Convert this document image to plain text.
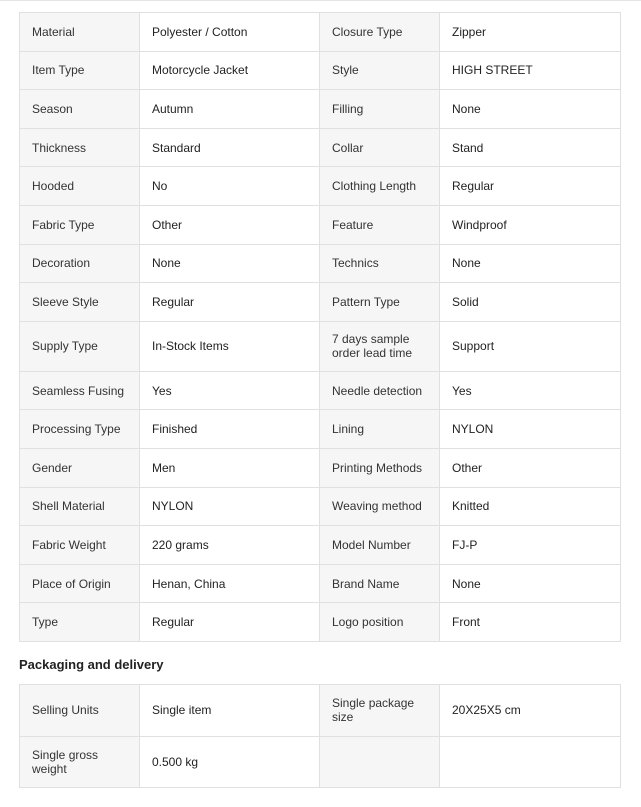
Material	Polyester / Cotton	Closure Type	Zipper
Item Type	Motorcycle Jacket	Style	HIGH STREET
Season	Autumn	Filling	None
Thickness	Standard	Collar	Stand
Hooded	No	Clothing Length	Regular
Fabric Type	Other	Feature	Windproof
Decoration	None	Technics	None
Sleeve Style	Regular	Pattern Type	Solid
Supply Type	In-Stock Items	7 days sample order lead time	Support
Seamless Fusing	Yes	Needle detection	Yes
Processing Type	Finished	Lining	NYLON
Gender	Men	Printing Methods	Other
Shell Material	NYLON	Weaving method	Knitted
Fabric Weight	220 grams	Model Number	FJ-P
Place of Origin	Henan, China	Brand Name	None
Type	Regular	Logo position	Front
Packaging and delivery
Selling Units	Single item	Single package size	20X25X5 cm
Single gross weight	0.500 kg		
